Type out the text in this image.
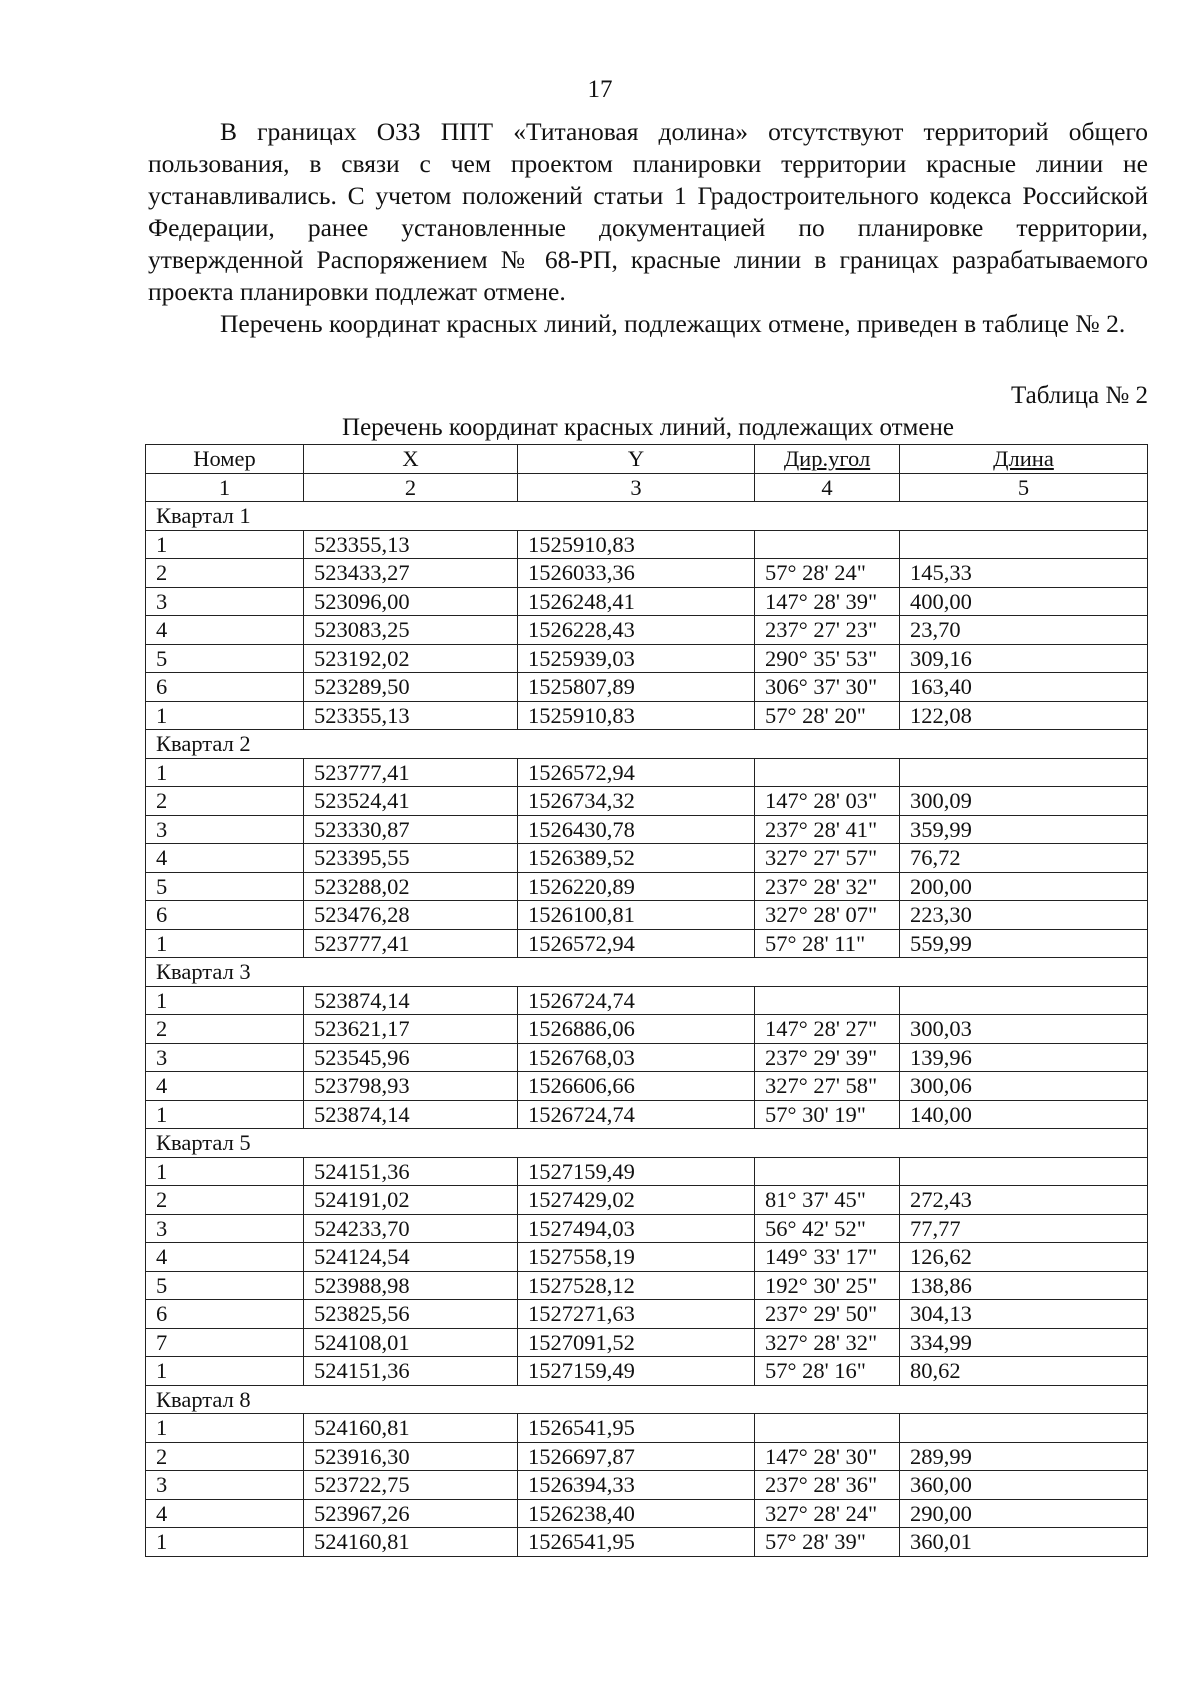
17

В границах ОЗЗ ППТ «Титановая долина» отсутствуют территорий общего пользования, в связи с чем проектом планировки территории красные линии не устанавливались. С учетом положений статьи 1 Градостроительного кодекса Российской Федерации, ранее установленные документацией по планировке территории, утвержденной Распоряжением № 68-РП, красные линии в границах разрабатываемого проекта планировки подлежат отмене.

Перечень координат красных линий, подлежащих отмене, приведен в таблице № 2.

Таблица № 2
Перечень координат красных линий, подлежащих отмене
Номер	X	Y	Дир.угол	Длина
1	2	3	4	5
Квартал 1				
1	523355,13	1525910,83		
2	523433,27	1526033,36	57° 28' 24"	145,33
3	523096,00	1526248,41	147° 28' 39"	400,00
4	523083,25	1526228,43	237° 27' 23"	23,70
5	523192,02	1525939,03	290° 35' 53"	309,16
6	523289,50	1525807,89	306° 37' 30"	163,40
1	523355,13	1525910,83	57° 28' 20"	122,08
Квартал 2				
1	523777,41	1526572,94		
2	523524,41	1526734,32	147° 28' 03"	300,09
3	523330,87	1526430,78	237° 28' 41"	359,99
4	523395,55	1526389,52	327° 27' 57"	76,72
5	523288,02	1526220,89	237° 28' 32"	200,00
6	523476,28	1526100,81	327° 28' 07"	223,30
1	523777,41	1526572,94	57° 28' 11"	559,99
Квартал 3				
1	523874,14	1526724,74		
2	523621,17	1526886,06	147° 28' 27"	300,03
3	523545,96	1526768,03	237° 29' 39"	139,96
4	523798,93	1526606,66	327° 27' 58"	300,06
1	523874,14	1526724,74	57° 30' 19"	140,00
Квартал 5				
1	524151,36	1527159,49		
2	524191,02	1527429,02	81° 37' 45"	272,43
3	524233,70	1527494,03	56° 42' 52"	77,77
4	524124,54	1527558,19	149° 33' 17"	126,62
5	523988,98	1527528,12	192° 30' 25"	138,86
6	523825,56	1527271,63	237° 29' 50"	304,13
7	524108,01	1527091,52	327° 28' 32"	334,99
1	524151,36	1527159,49	57° 28' 16"	80,62
Квартал 8				
1	524160,81	1526541,95		
2	523916,30	1526697,87	147° 28' 30"	289,99
3	523722,75	1526394,33	237° 28' 36"	360,00
4	523967,26	1526238,40	327° 28' 24"	290,00
1	524160,81	1526541,95	57° 28' 39"	360,01
